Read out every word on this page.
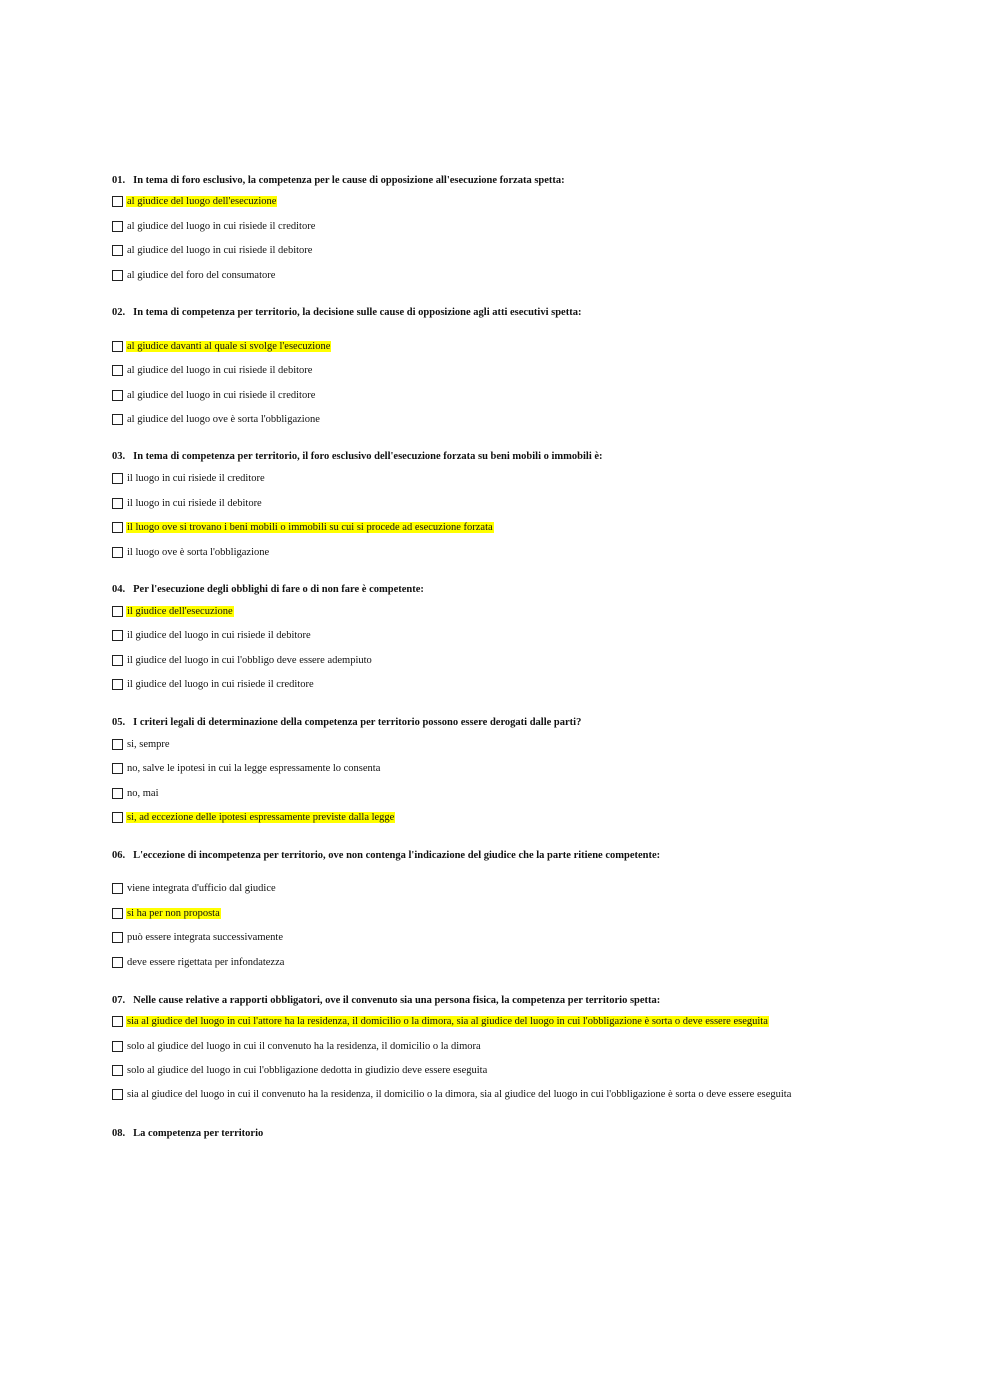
01. In tema di foro esclusivo, la competenza per le cause di opposizione all'esecuzione forzata spetta:
al giudice del luogo dell'esecuzione
al giudice del luogo in cui risiede il creditore
al giudice del luogo in cui risiede il debitore
al giudice del foro del consumatore
02. In tema di competenza per territorio, la decisione sulle cause di opposizione agli atti esecutivi spetta:
al giudice davanti al quale si svolge l'esecuzione
al giudice del luogo in cui risiede il debitore
al giudice del luogo in cui risiede il creditore
al giudice del luogo ove è sorta l'obbligazione
03. In tema di competenza per territorio, il foro esclusivo dell'esecuzione forzata su beni mobili o immobili è:
il luogo in cui risiede il creditore
il luogo in cui risiede il debitore
il luogo ove si trovano i beni mobili o immobili su cui si procede ad esecuzione forzata
il luogo ove è sorta l'obbligazione
04. Per l'esecuzione degli obblighi di fare o di non fare è competente:
il giudice dell'esecuzione
il giudice del luogo in cui risiede il debitore
il giudice del luogo in cui l'obbligo deve essere adempiuto
il giudice del luogo in cui risiede il creditore
05. I criteri legali di determinazione della competenza per territorio possono essere derogati dalle parti?
si, sempre
no, salve le ipotesi in cui la legge espressamente lo consenta
no, mai
si, ad eccezione delle ipotesi espressamente previste dalla legge
06. L'eccezione di incompetenza per territorio, ove non contenga l'indicazione del giudice che la parte ritiene competente:
viene integrata d'ufficio dal giudice
si ha per non proposta
può essere integrata successivamente
deve essere rigettata per infondatezza
07. Nelle cause relative a rapporti obbligatori, ove il convenuto sia una persona fisica, la competenza per territorio spetta:
sia al giudice del luogo in cui l'attore ha la residenza, il domicilio o la dimora, sia al giudice del luogo in cui l'obbligazione è sorta o deve essere eseguita
solo al giudice del luogo in cui il convenuto ha la residenza, il domicilio o la dimora
solo al giudice del luogo in cui l'obbligazione dedotta in giudizio deve essere eseguita
sia al giudice del luogo in cui il convenuto ha la residenza, il domicilio o la dimora, sia al giudice del luogo in cui l'obbligazione è sorta o deve essere eseguita
08. La competenza per territorio
